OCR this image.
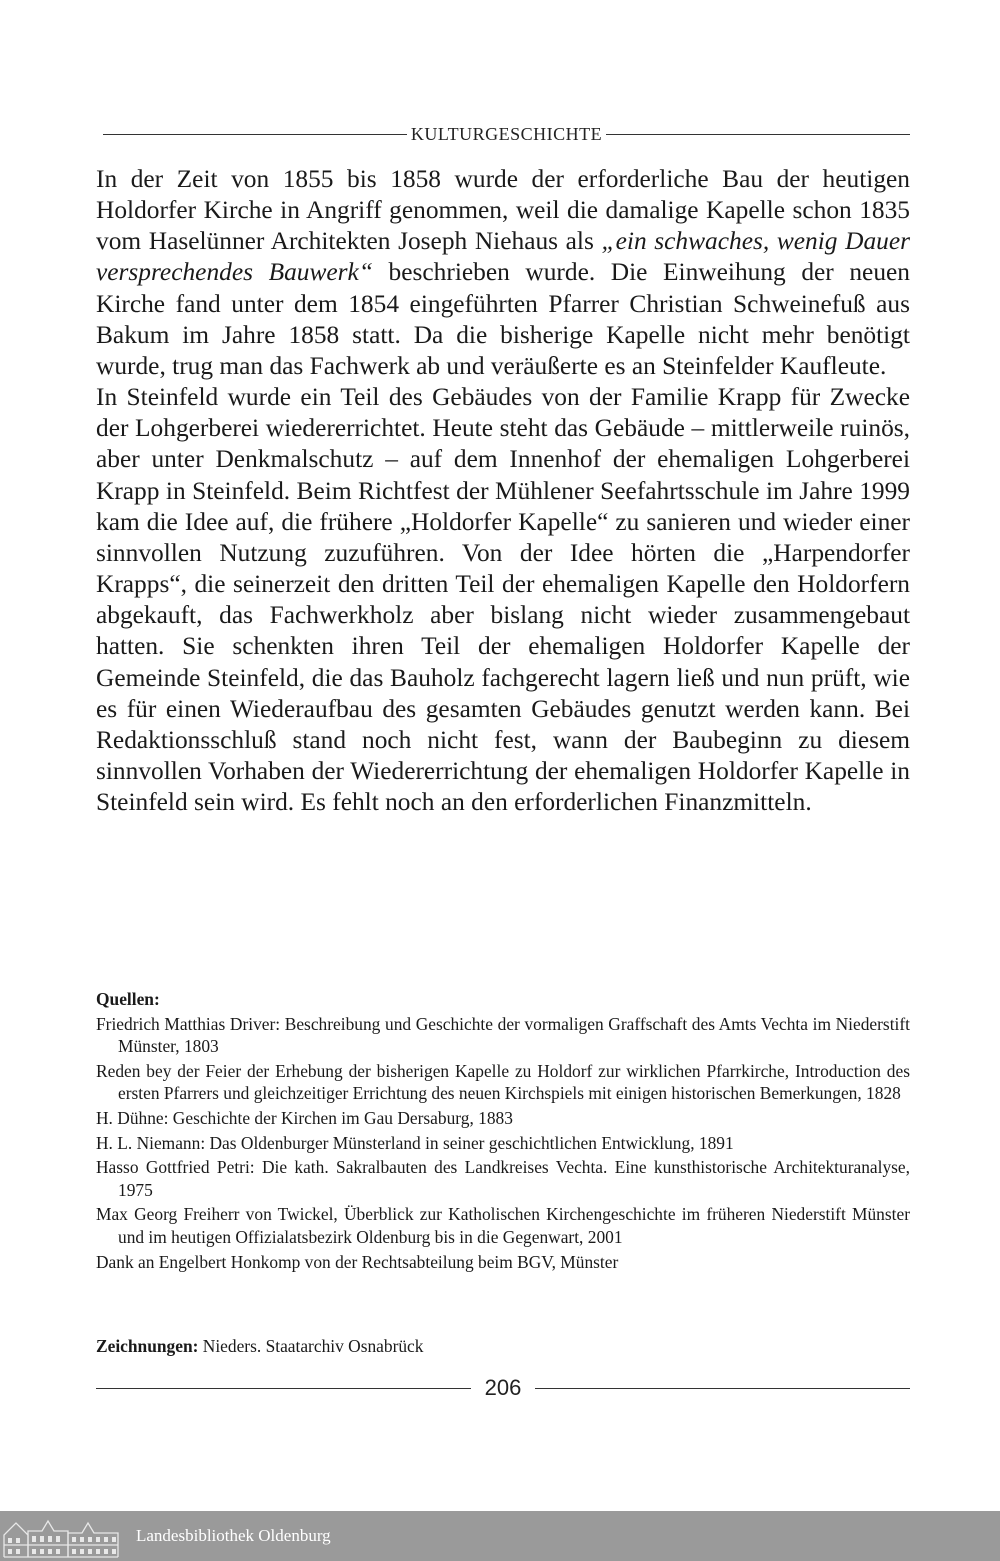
KULTURGESCHICHTE

In der Zeit von 1855 bis 1858 wurde der erforderliche Bau der heutigen Holdorfer Kirche in Angriff genommen, weil die damalige Kapelle schon 1835 vom Haselünner Architekten Joseph Niehaus als „ein schwaches, wenig Dauer versprechendes Bauwerk“ beschrieben wurde. Die Einweihung der neuen Kirche fand unter dem 1854 eingeführten Pfarrer Christian Schweinefuß aus Bakum im Jahre 1858 statt. Da die bisherige Kapelle nicht mehr benötigt wurde, trug man das Fachwerk ab und veräußerte es an Steinfelder Kaufleute.

In Steinfeld wurde ein Teil des Gebäudes von der Familie Krapp für Zwecke der Lohgerberei wiedererrichtet. Heute steht das Gebäude – mittlerweile ruinös, aber unter Denkmalschutz – auf dem Innenhof der ehemaligen Lohgerberei Krapp in Steinfeld. Beim Richtfest der Mühlener Seefahrtsschule im Jahre 1999 kam die Idee auf, die frühere „Holdorfer Kapelle“ zu sanieren und wieder einer sinnvollen Nutzung zuzuführen. Von der Idee hörten die „Harpendorfer Krapps“, die seinerzeit den dritten Teil der ehemaligen Kapelle den Holdorfern abgekauft, das Fachwerkholz aber bislang nicht wieder zusammengebaut hatten. Sie schenkten ihren Teil der ehemaligen Holdorfer Kapelle der Gemeinde Steinfeld, die das Bauholz fachgerecht lagern ließ und nun prüft, wie es für einen Wiederaufbau des gesamten Gebäudes genutzt werden kann. Bei Redaktionsschluß stand noch nicht fest, wann der Baubeginn zu diesem sinnvollen Vorhaben der Wiedererrichtung der ehemaligen Holdorfer Kapelle in Steinfeld sein wird. Es fehlt noch an den erforderlichen Finanzmitteln.

Quellen:
Friedrich Matthias Driver: Beschreibung und Geschichte der vormaligen Graffschaft des Amts Vechta im Niederstift Münster, 1803
Reden bey der Feier der Erhebung der bisherigen Kapelle zu Holdorf zur wirklichen Pfarrkirche, Introduction des ersten Pfarrers und gleichzeitiger Errichtung des neuen Kirchspiels mit einigen historischen Bemerkungen, 1828
H. Dühne: Geschichte der Kirchen im Gau Dersaburg, 1883
H. L. Niemann: Das Oldenburger Münsterland in seiner geschichtlichen Entwicklung, 1891
Hasso Gottfried Petri: Die kath. Sakralbauten des Landkreises Vechta. Eine kunsthistorische Architekturanalyse, 1975
Max Georg Freiherr von Twickel, Überblick zur Katholischen Kirchengeschichte im früheren Niederstift Münster und im heutigen Offizialatsbezirk Oldenburg bis in die Gegenwart, 2001
Dank an Engelbert Honkomp von der Rechtsabteilung beim BGV, Münster
Zeichnungen: Nieders. Staatarchiv Osnabrück
206
Landesbibliothek Oldenburg
